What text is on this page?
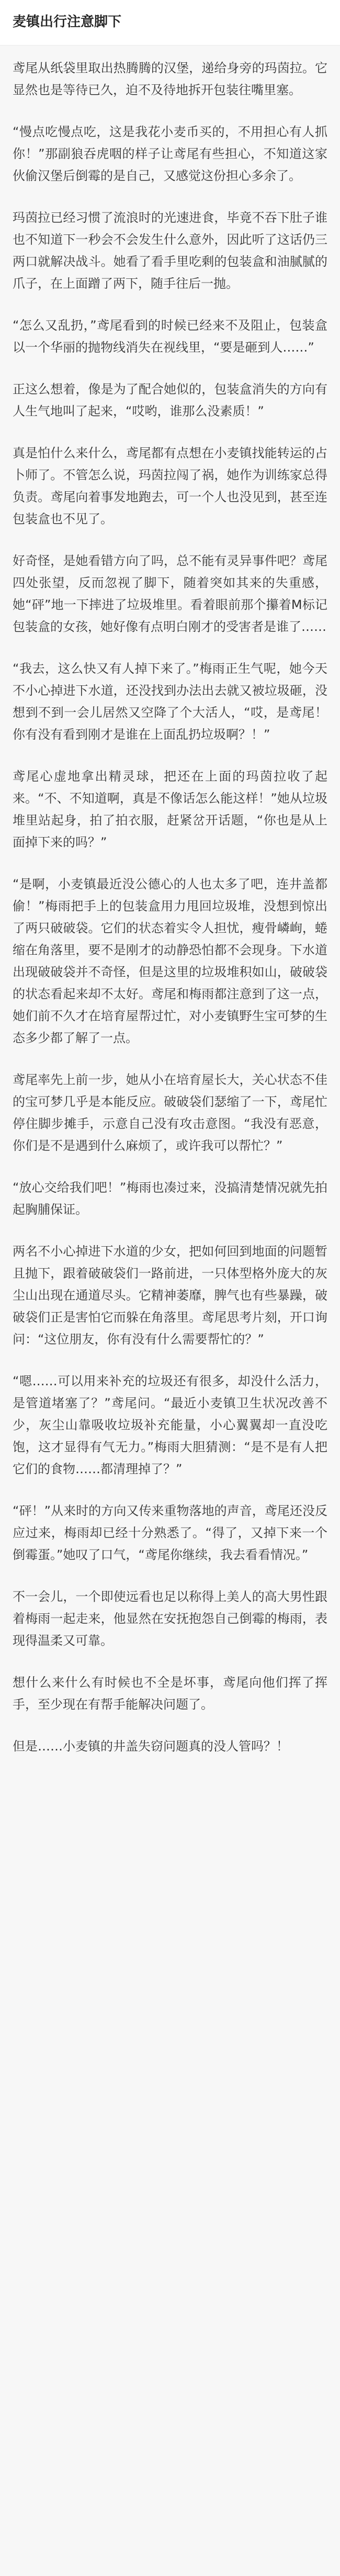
麦镇出行注意脚下

鸢尾从纸袋里取出热腾腾的汉堡，递给身旁的玛茵拉。它显然也是等待已久，迫不及待地拆开包装往嘴里塞。

“慢点吃慢点吃，这是我花小麦币买的，不用担心有人抓你！”那副狼吞虎咽的样子让鸢尾有些担心，不知道这家伙偷汉堡后倒霉的是自己，又感觉这份担心多余了。

玛茵拉已经习惯了流浪时的光速进食，毕竟不吞下肚子谁也不知道下一秒会不会发生什么意外，因此听了这话仍三两口就解决战斗。她看了看手里吃剩的包装盒和油腻腻的爪子，在上面蹭了两下，随手往后一抛。

“怎么又乱扔，”鸢尾看到的时候已经来不及阻止，包装盒以一个华丽的抛物线消失在视线里，“要是砸到人……”

正这么想着，像是为了配合她似的，包装盒消失的方向有人生气地叫了起来，“哎哟，谁那么没素质！”

真是怕什么来什么，鸢尾都有点想在小麦镇找能转运的占卜师了。不管怎么说，玛茵拉闯了祸，她作为训练家总得负责。鸢尾向着事发地跑去，可一个人也没见到，甚至连包装盒也不见了。

好奇怪，是她看错方向了吗，总不能有灵异事件吧？鸢尾四处张望，反而忽视了脚下，随着突如其来的失重感，她“砰”地一下摔进了垃圾堆里。看着眼前那个攥着M标记包装盒的女孩，她好像有点明白刚才的受害者是谁了……

“我去，这么快又有人掉下来了。”梅雨正生气呢，她今天不小心掉进下水道，还没找到办法出去就又被垃圾砸，没想到不到一会儿居然又空降了个大活人，“哎，是鸢尾！你有没有看到刚才是谁在上面乱扔垃圾啊？！”

鸢尾心虚地拿出精灵球，把还在上面的玛茵拉收了起来。“不、不知道啊，真是不像话怎么能这样！”她从垃圾堆里站起身，拍了拍衣服，赶紧岔开话题，“你也是从上面掉下来的吗？”

“是啊，小麦镇最近没公德心的人也太多了吧，连井盖都偷！”梅雨把手上的包装盒用力甩回垃圾堆，没想到惊出了两只破破袋。它们的状态着实令人担忧，瘦骨嶙峋，蜷缩在角落里，要不是刚才的动静恐怕都不会现身。下水道出现破破袋并不奇怪，但是这里的垃圾堆积如山，破破袋的状态看起来却不太好。鸢尾和梅雨都注意到了这一点，她们前不久才在培育屋帮过忙，对小麦镇野生宝可梦的生态多少都了解了一点。

鸢尾率先上前一步，她从小在培育屋长大，关心状态不佳的宝可梦几乎是本能反应。破破袋们瑟缩了一下，鸢尾忙停住脚步摊手，示意自己没有攻击意图。“我没有恶意，你们是不是遇到什么麻烦了，或许我可以帮忙？”

“放心交给我们吧！”梅雨也凑过来，没搞清楚情况就先拍起胸脯保证。

两名不小心掉进下水道的少女，把如何回到地面的问题暂且抛下，跟着破破袋们一路前进，一只体型格外庞大的灰尘山出现在通道尽头。它精神萎靡，脾气也有些暴躁，破破袋们正是害怕它而躲在角落里。鸢尾思考片刻，开口询问：“这位朋友，你有没有什么需要帮忙的？”

“嗯……可以用来补充的垃圾还有很多，却没什么活力，是管道堵塞了？”鸢尾问。“最近小麦镇卫生状况改善不少，灰尘山靠吸收垃圾补充能量，小心翼翼却一直没吃饱，这才显得有气无力。”梅雨大胆猜测：“是不是有人把它们的食物……都清理掉了？”

“砰！”从来时的方向又传来重物落地的声音，鸢尾还没反应过来，梅雨却已经十分熟悉了。“得了，又掉下来一个倒霉蛋。”她叹了口气，“鸢尾你继续，我去看看情况。”

不一会儿，一个即使远看也足以称得上美人的高大男性跟着梅雨一起走来，他显然在安抚抱怨自己倒霉的梅雨，表现得温柔又可靠。

想什么来什么有时候也不全是坏事，鸢尾向他们挥了挥手，至少现在有帮手能解决问题了。

但是……小麦镇的井盖失窃问题真的没人管吗？！
